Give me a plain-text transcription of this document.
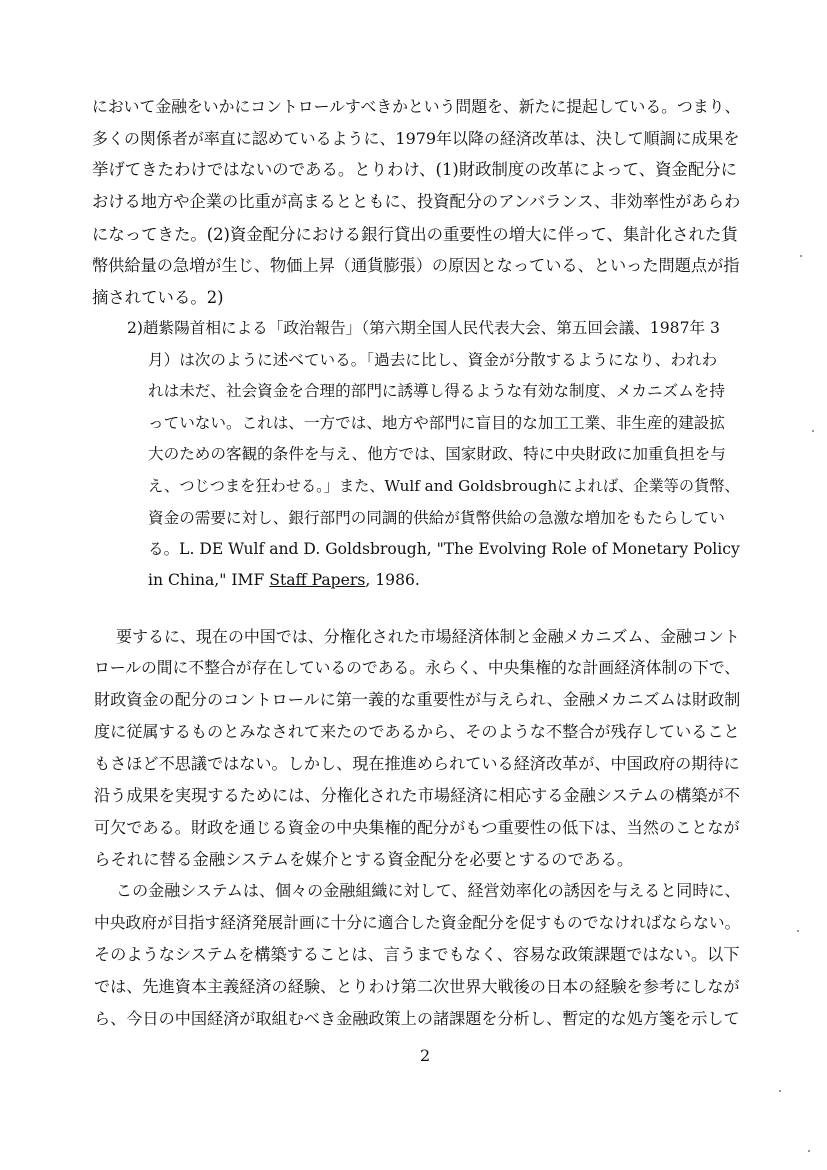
において金融をいかにコントロールすべきかという問題を、新たに提起している。つまり、
多くの関係者が率直に認めているように、1979年以降の経済改革は、決して順調に成果を
挙げてきたわけではないのである。とりわけ、(1)財政制度の改革によって、資金配分に
おける地方や企業の比重が高まるとともに、投資配分のアンバランス、非効率性があらわ
になってきた。(2)資金配分における銀行貸出の重要性の増大に伴って、集計化された貨
幣供給量の急増が生じ、物価上昇（通貨膨張）の原因となっている、といった問題点が指
摘されている。2)
2)趙紫陽首相による「政治報告」（第六期全国人民代表大会、第五回会議、1987年 3
月）は次のように述べている。「過去に比し、資金が分散するようになり、われわ
れは未だ、社会資金を合理的部門に誘導し得るような有効な制度、メカニズムを持
っていない。これは、一方では、地方や部門に盲目的な加工工業、非生産的建設拡
大のための客観的条件を与え、他方では、国家財政、特に中央財政に加重負担を与
え、つじつまを狂わせる。」また、Wulf and Goldsbroughによれば、企業等の貨幣、
資金の需要に対し、銀行部門の同調的供給が貨幣供給の急激な増加をもたらしてい
る。L. DE Wulf and D. Goldsbrough, "The Evolving Role of Monetary Policy
in China," IMF Staff Papers, 1986.
要するに、現在の中国では、分権化された市場経済体制と金融メカニズム、金融コント
ロールの間に不整合が存在しているのである。永らく、中央集権的な計画経済体制の下で、
財政資金の配分のコントロールに第一義的な重要性が与えられ、金融メカニズムは財政制
度に従属するものとみなされて来たのであるから、そのような不整合が残存していること
もさほど不思議ではない。しかし、現在推進められている経済改革が、中国政府の期待に
沿う成果を実現するためには、分権化された市場経済に相応する金融システムの構築が不
可欠である。財政を通じる資金の中央集権的配分がもつ重要性の低下は、当然のことなが
らそれに替る金融システムを媒介とする資金配分を必要とするのである。
この金融システムは、個々の金融組織に対して、経営効率化の誘因を与えると同時に、
中央政府が目指す経済発展計画に十分に適合した資金配分を促すものでなければならない。
そのようなシステムを構築することは、言うまでもなく、容易な政策課題ではない。以下
では、先進資本主義経済の経験、とりわけ第二次世界大戦後の日本の経験を参考にしなが
ら、今日の中国経済が取組むべき金融政策上の諸課題を分析し、暫定的な処方箋を示して
2
